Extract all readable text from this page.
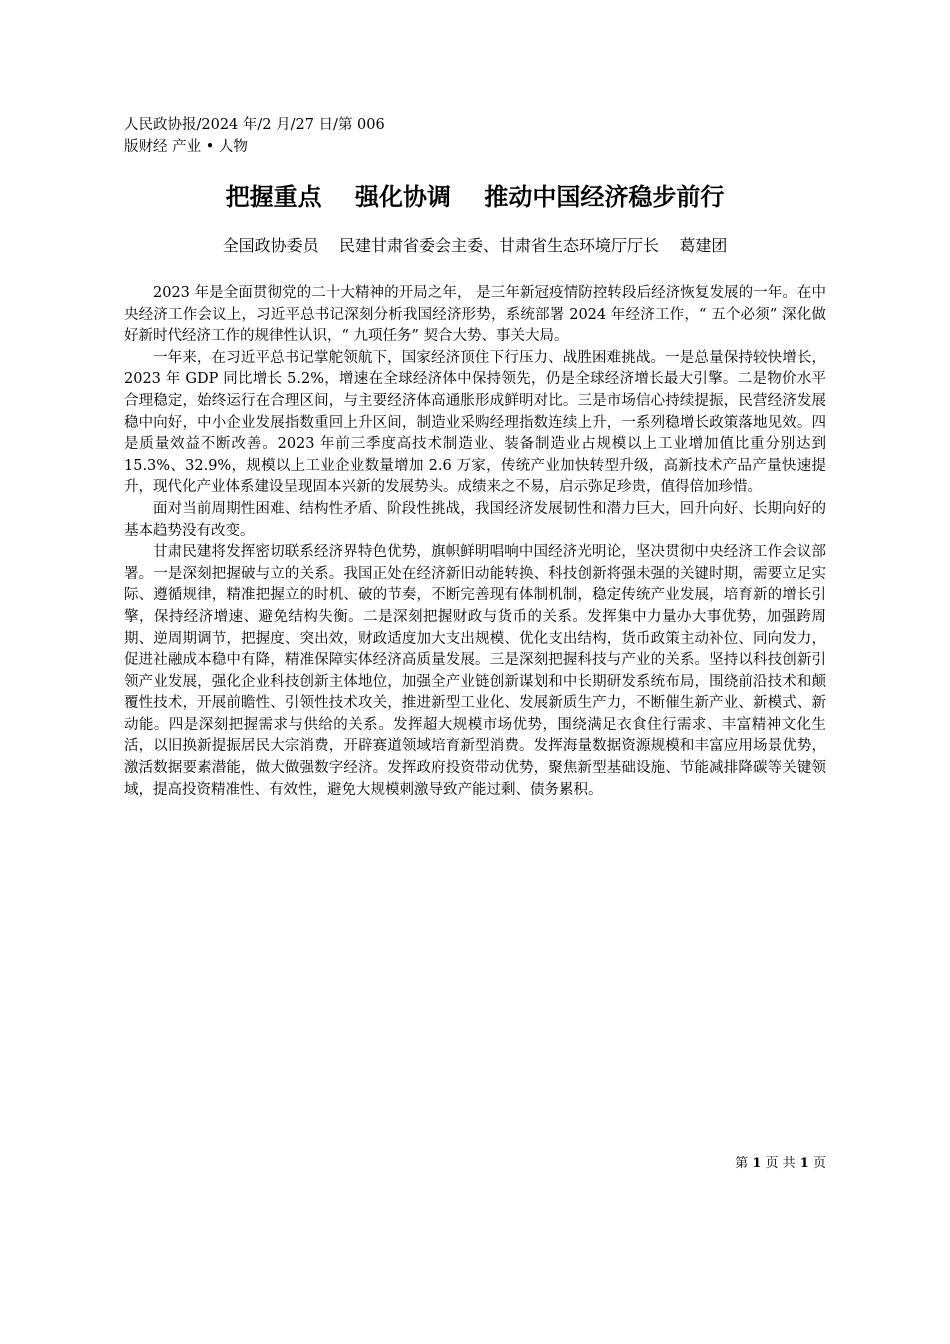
人民政协报/2024 年/2 月/27 日/第 006
版财经 产业 • 人物
把握重点    强化协调    推动中国经济稳步前行
全国政协委员    民建甘肃省委会主委、甘肃省生态环境厅厅长    葛建团

2023 年是全面贯彻党的二十大精神的开局之年， 是三年新冠疫情防控转段后经济恢复发展的一年。在中央经济工作会议上，习近平总书记深刻分析我国经济形势，系统部署 2024 年经济工作，“ 五个必须” 深化做好新时代经济工作的规律性认识，“ 九项任务” 契合大势、事关大局。

一年来，在习近平总书记掌舵领航下，国家经济顶住下行压力、战胜困难挑战。一是总量保持较快增长，2023 年 GDP 同比增长 5.2%，增速在全球经济体中保持领先，仍是全球经济增长最大引擎。二是物价水平合理稳定，始终运行在合理区间，与主要经济体高通胀形成鲜明对比。三是市场信心持续提振，民营经济发展稳中向好，中小企业发展指数重回上升区间，制造业采购经理指数连续上升，一系列稳增长政策落地见效。四是质量效益不断改善。2023 年前三季度高技术制造业、装备制造业占规模以上工业增加值比重分别达到 15.3%、32.9%，规模以上工业企业数量增加 2.6 万家，传统产业加快转型升级，高新技术产品产量快速提升，现代化产业体系建设呈现固本兴新的发展势头。成绩来之不易，启示弥足珍贵，值得倍加珍惜。

面对当前周期性困难、结构性矛盾、阶段性挑战，我国经济发展韧性和潜力巨大，回升向好、长期向好的基本趋势没有改变。

甘肃民建将发挥密切联系经济界特色优势，旗帜鲜明唱响中国经济光明论，坚决贯彻中央经济工作会议部署。一是深刻把握破与立的关系。我国正处在经济新旧动能转换、科技创新将强未强的关键时期，需要立足实际、遵循规律，精准把握立的时机、破的节奏，不断完善现有体制机制，稳定传统产业发展，培育新的增长引擎，保持经济增速、避免结构失衡。二是深刻把握财政与货币的关系。发挥集中力量办大事优势，加强跨周期、逆周期调节，把握度、突出效，财政适度加大支出规模、优化支出结构，货币政策主动补位、同向发力，促进社融成本稳中有降，精准保障实体经济高质量发展。三是深刻把握科技与产业的关系。坚持以科技创新引领产业发展，强化企业科技创新主体地位，加强全产业链创新谋划和中长期研发系统布局，围绕前沿技术和颠覆性技术，开展前瞻性、引领性技术攻关，推进新型工业化、发展新质生产力，不断催生新产业、新模式、新动能。四是深刻把握需求与供给的关系。发挥超大规模市场优势，围绕满足衣食住行需求、丰富精神文化生活，以旧换新提振居民大宗消费，开辟赛道领域培育新型消费。发挥海量数据资源规模和丰富应用场景优势，激活数据要素潜能，做大做强数字经济。发挥政府投资带动优势，聚焦新型基础设施、节能减排降碳等关键领域，提高投资精准性、有效性，避免大规模刺激导致产能过剩、债务累积。

第 1 页 共 1 页
